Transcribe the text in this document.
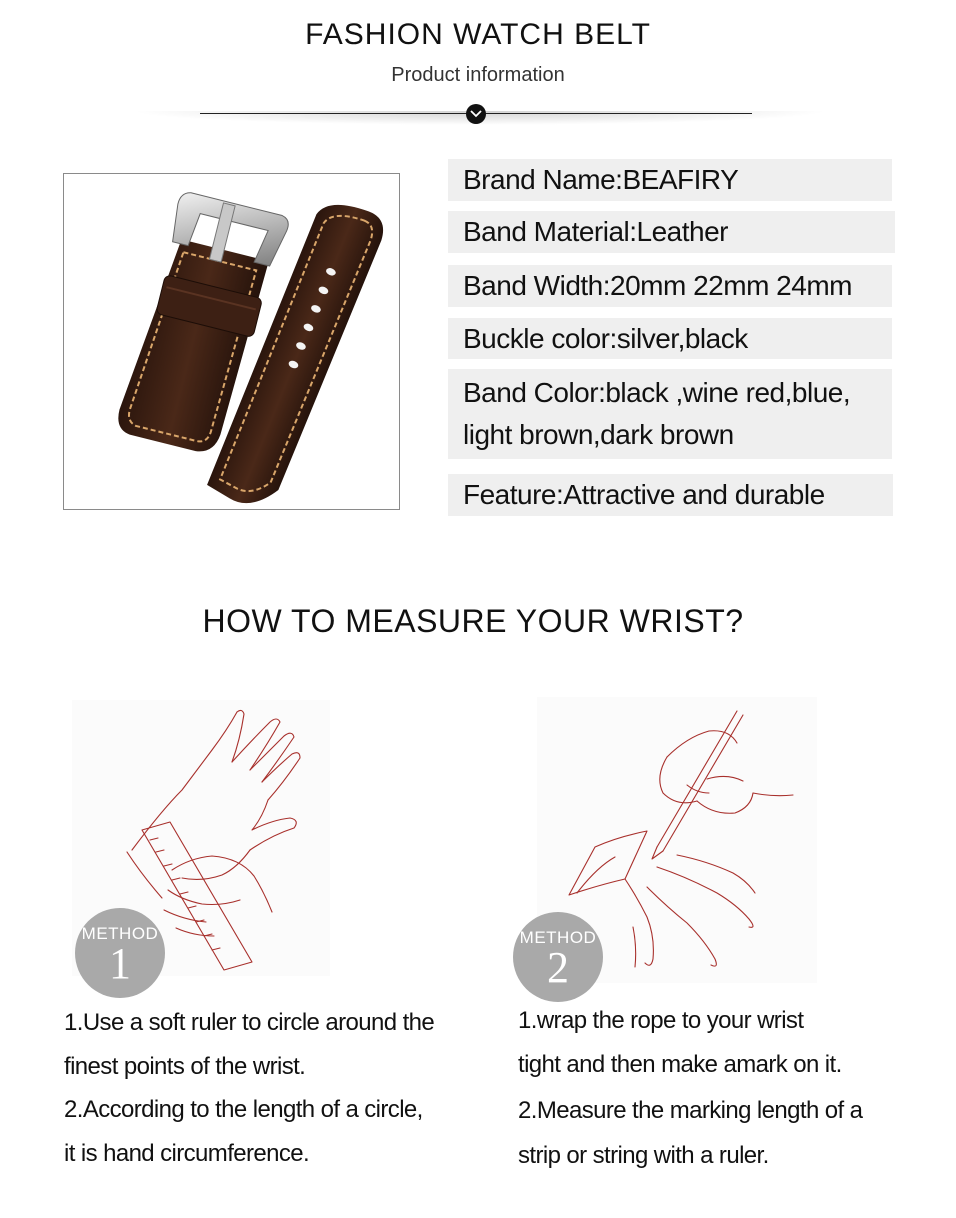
FASHION WATCH BELT
Product information
Brand Name:BEAFIRY
Band Material:Leather
Band Width:20mm 22mm 24mm
Buckle color:silver,black
Band Color:black ,wine red,blue,
light brown,dark brown
Feature:Attractive and durable
HOW TO MEASURE YOUR WRIST?
METHOD
1
METHOD
2
1.Use a soft ruler to circle around the
finest points of the wrist.
2.According to the length of a circle,
it is hand circumference.
1.wrap the rope to your wrist
tight and then make amark on it.
2.Measure the marking length of a
strip or string with a ruler.
